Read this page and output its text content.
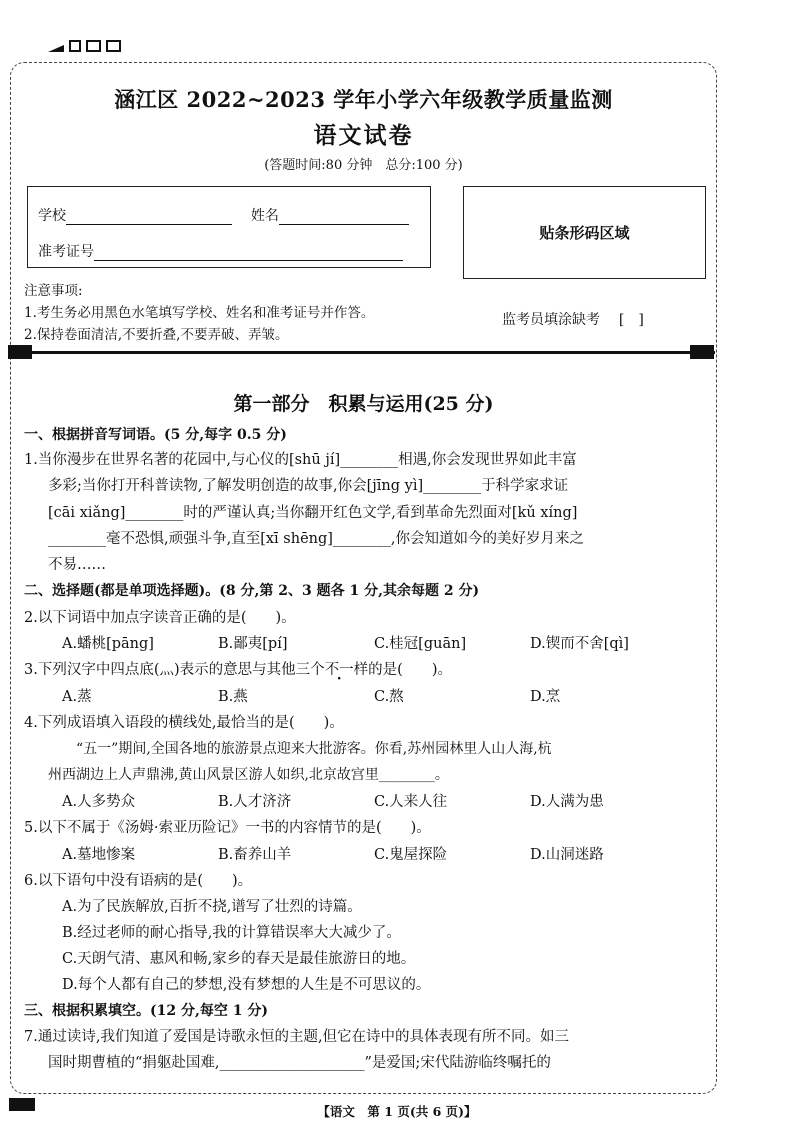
涵江区 2022~2023 学年小学六年级教学质量监测
语文试卷
(答题时间:80 分钟　总分:100 分)
学校	姓名
准考证号
贴条形码区域
注意事项:
1.考生务必用黑色水笔填写学校、姓名和准考证号并作答。
2.保持卷面清洁,不要折叠,不要弄破、弄皱。
监考员填涂缺考 [　]
第一部分　积累与运用(25 分)
一、根据拼音写词语。(5 分,每字 0.5 分)
1.当你漫步在世界名著的花园中,与心仪的[shū jí]________相遇,你会发现世界如此丰富
多彩;当你打开科普读物,了解发明创造的故事,你会[jīng yì]________于科学家求证
[cāi xiǎng]________时的严谨认真;当你翻开红色文学,看到革命先烈面对[kǔ xíng]
________毫不恐惧,顽强斗争,直至[xī shēng]________,你会知道如今的美好岁月来之
不易……
二、选择题(都是单项选择题)。(8 分,第 2、3 题各 1 分,其余每题 2 分)
2.以下词语中加点字读音正确的是(　　)。
A.蟠桃[pāng]	B.鄙夷[pí]	C.桂冠[guān]	D.锲而不舍[qì]
3.下列汉字中四点底(灬)表示的意思与其他三个不一样的是(　　)。
A.蒸	B.燕	C.熬	D.烹
4.下列成语填入语段的横线处,最恰当的是(　　)。
“五一”期间,全国各地的旅游景点迎来大批游客。你看,苏州园林里人山人海,杭
州西湖边上人声鼎沸,黄山风景区游人如织,北京故宫里________。
A.人多势众	B.人才济济	C.人来人往	D.人满为患
5.以下不属于《汤姆·索亚历险记》一书的内容情节的是(　　)。
A.墓地惨案	B.畜养山羊	C.鬼屋探险	D.山洞迷路
6.以下语句中没有语病的是(　　)。
A.为了民族解放,百折不挠,谱写了壮烈的诗篇。
B.经过老师的耐心指导,我的计算错误率大大减少了。
C.天朗气清、惠风和畅,家乡的春天是最佳旅游日的地。
D.每个人都有自己的梦想,没有梦想的人生是不可思议的。
三、根据积累填空。(12 分,每空 1 分)
7.通过读诗,我们知道了爱国是诗歌永恒的主题,但它在诗中的具体表现有所不同。如三
国时期曹植的“捐躯赴国难,____________________”是爱国;宋代陆游临终嘱托的
【语文　第 1 页(共 6 页)】
